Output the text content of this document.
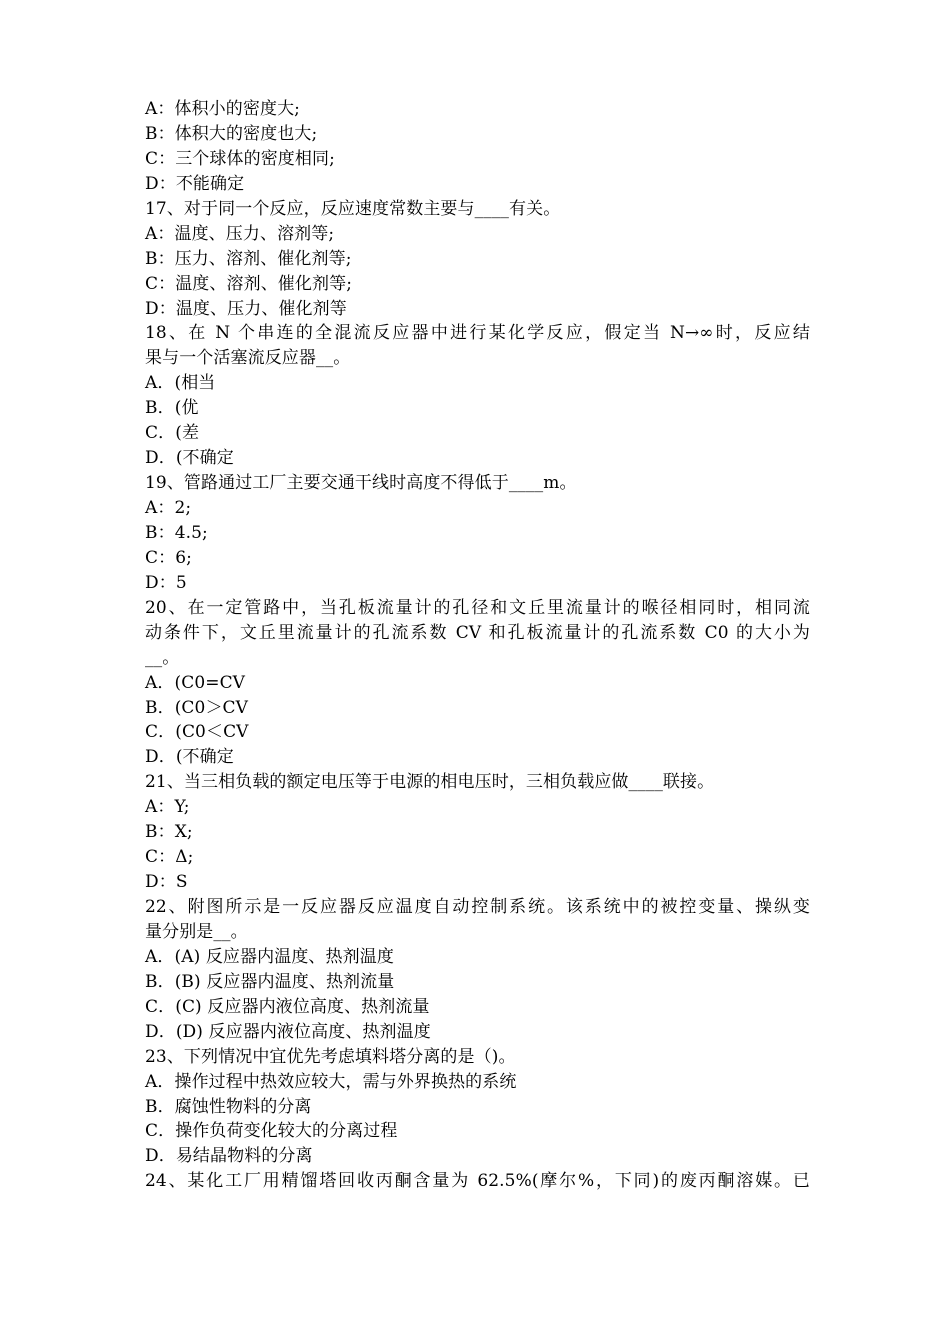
A：体积小的密度大;
B：体积大的密度也大;
C：三个球体的密度相同;
D：不能确定
17、对于同一个反应，反应速度常数主要与____有关。
A：温度、压力、溶剂等;
B：压力、溶剂、催化剂等;
C：温度、溶剂、催化剂等;
D：温度、压力、催化剂等
18、在 N 个串连的全混流反应器中进行某化学反应，假定当 N→∞时，反应结
果与一个活塞流反应器__。
A．(相当
B．(优
C．(差
D．(不确定
19、管路通过工厂主要交通干线时高度不得低于____m。
A：2;
B：4.5;
C：6;
D：5
20、在一定管路中，当孔板流量计的孔径和文丘里流量计的喉径相同时，相同流
动条件下，文丘里流量计的孔流系数 CV 和孔板流量计的孔流系数 C0 的大小为
__。
A．(C0=CV
B．(C0＞CV
C．(C0＜CV
D．(不确定
21、当三相负载的额定电压等于电源的相电压时，三相负载应做____联接。
A：Y;
B：X;
C：Δ;
D：S
22、附图所示是一反应器反应温度自动控制系统。该系统中的被控变量、操纵变
量分别是__。
A．(A) 反应器内温度、热剂温度
B．(B) 反应器内温度、热剂流量
C．(C) 反应器内液位高度、热剂流量
D．(D) 反应器内液位高度、热剂温度
23、下列情况中宜优先考虑填料塔分离的是（)。
A．操作过程中热效应较大，需与外界换热的系统
B．腐蚀性物料的分离
C．操作负荷变化较大的分离过程
D．易结晶物料的分离
24、某化工厂用精馏塔回收丙酮含量为 62.5%(摩尔%，下同)的废丙酮溶媒。已
